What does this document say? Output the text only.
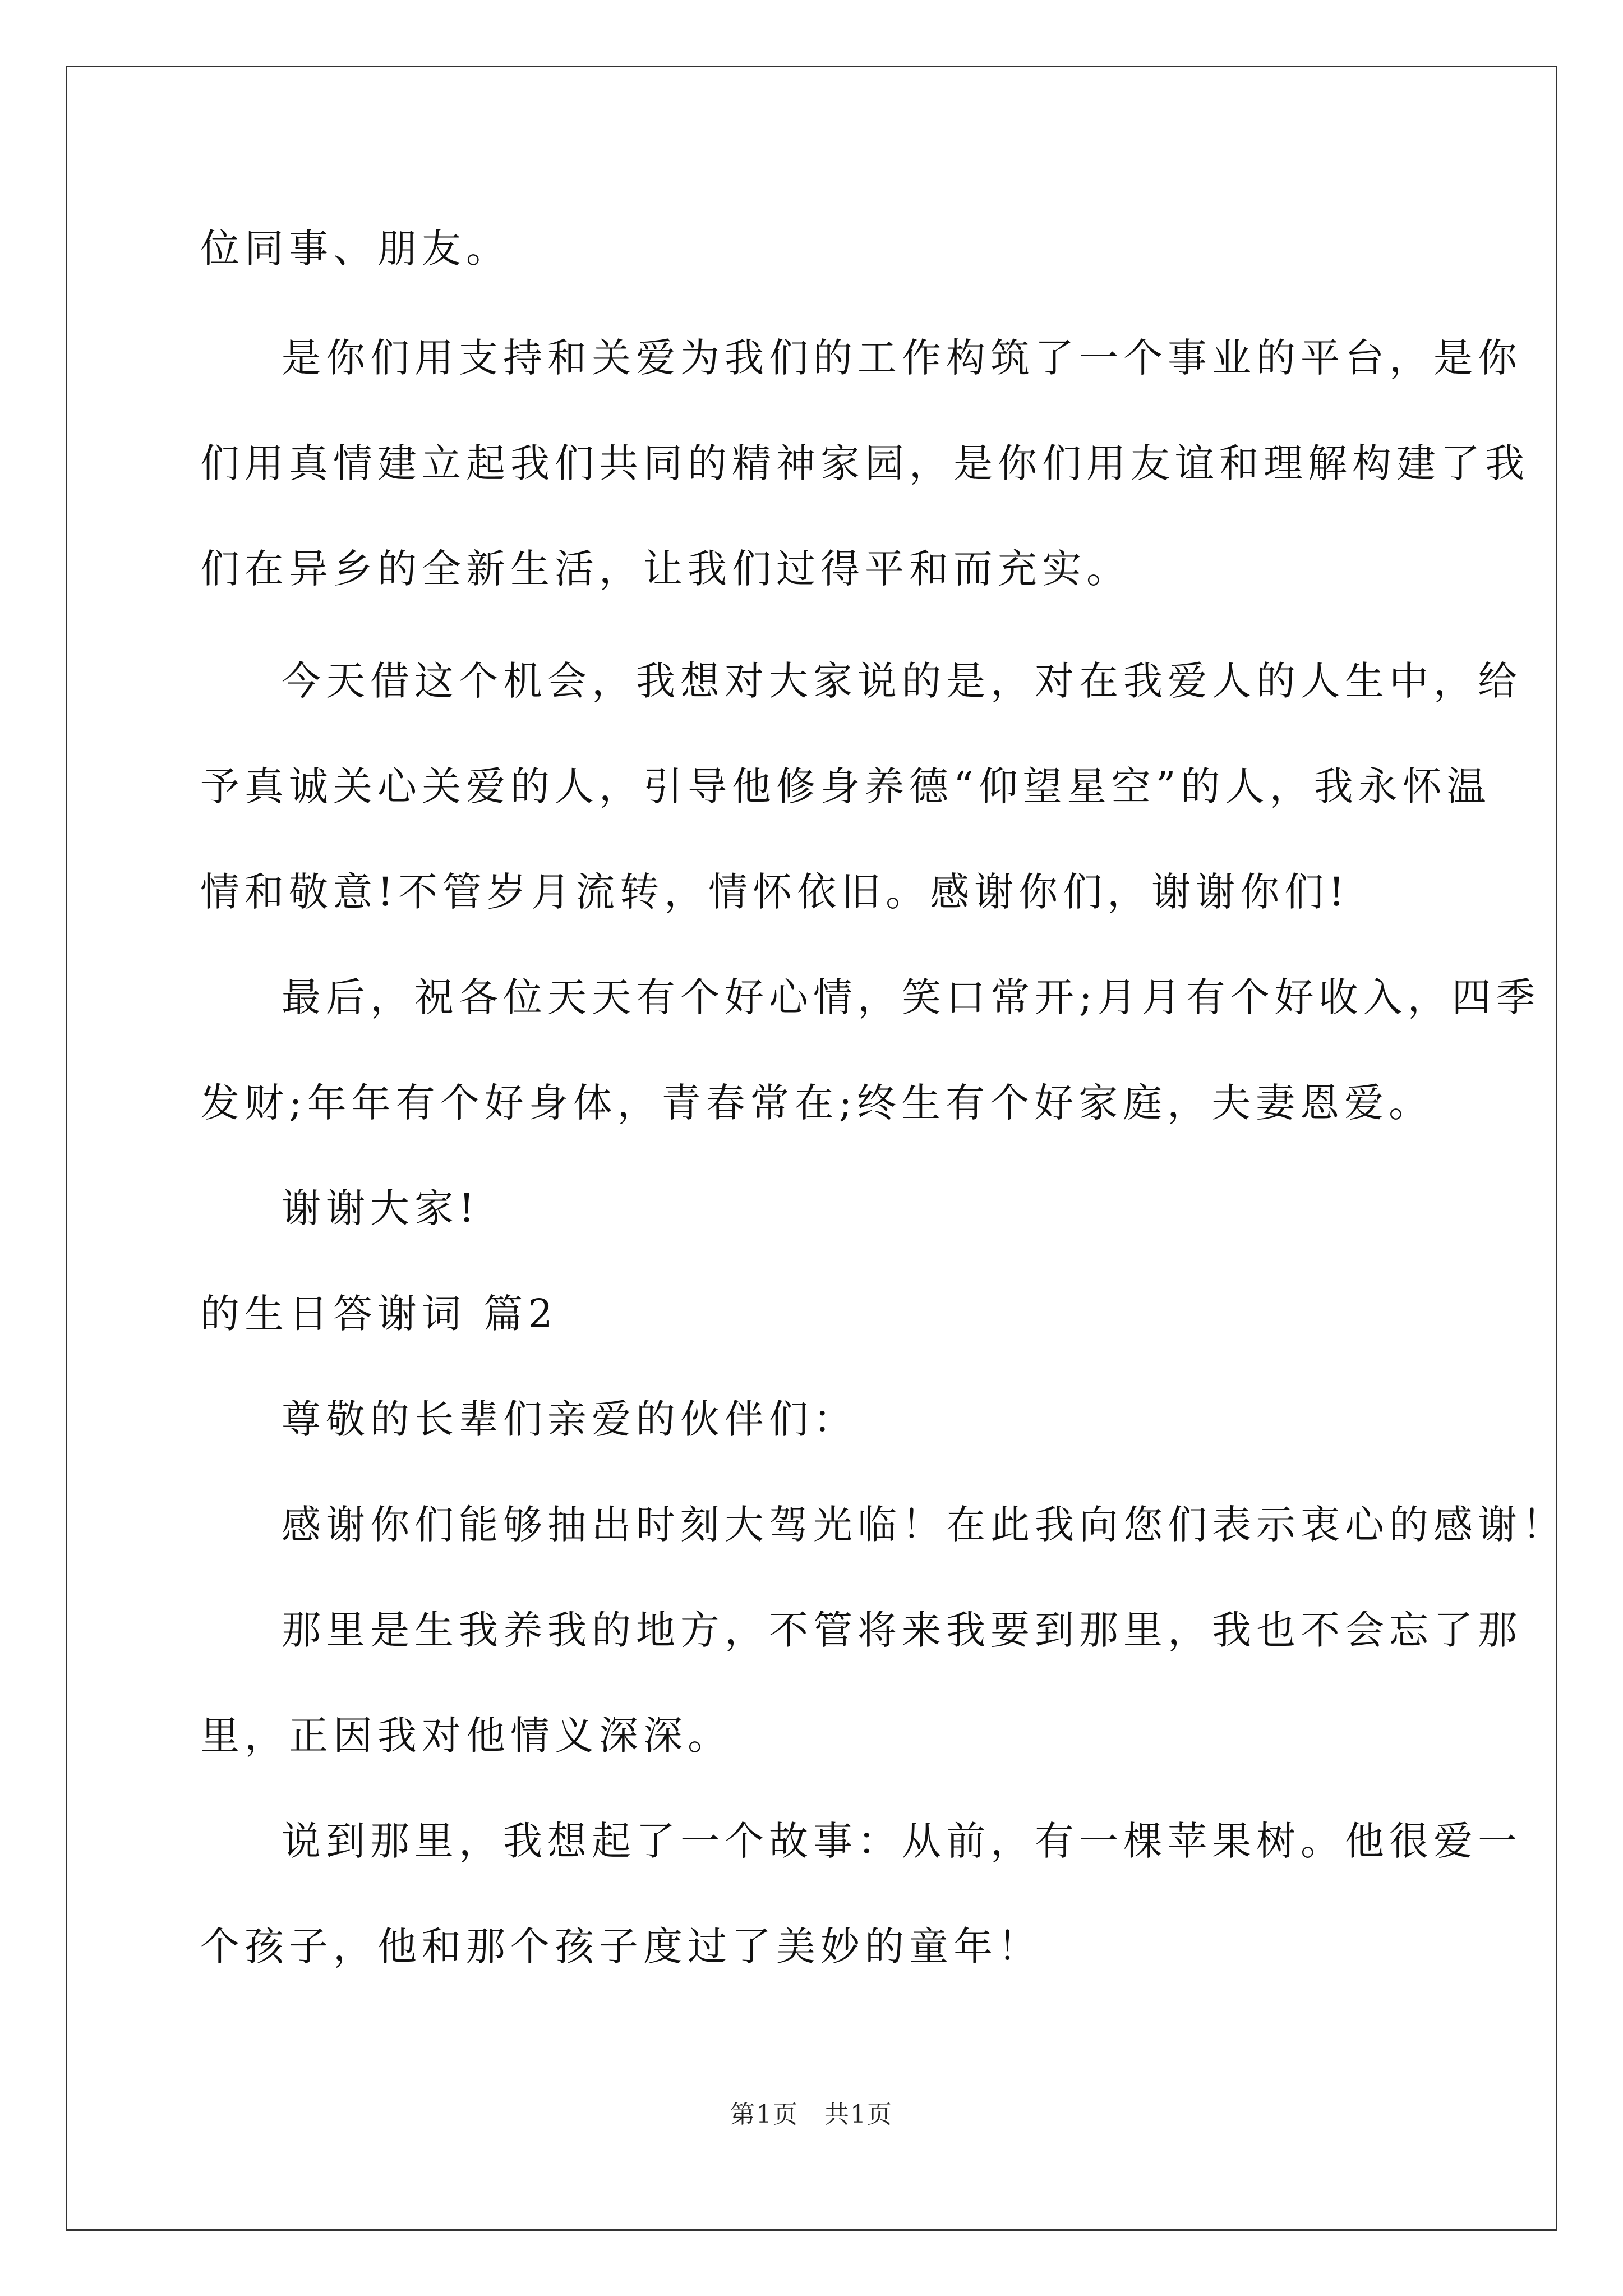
位同事、朋友。
是你们用支持和关爱为我们的工作构筑了一个事业的平台，是你
们用真情建立起我们共同的精神家园，是你们用友谊和理解构建了我
们在异乡的全新生活，让我们过得平和而充实。
今天借这个机会，我想对大家说的是，对在我爱人的人生中，给
予真诚关心关爱的人，引导他修身养德“仰望星空”的人，我永怀温
情和敬意!不管岁月流转，情怀依旧。感谢你们，谢谢你们!
最后，祝各位天天有个好心情，笑口常开;月月有个好收入，四季
发财;年年有个好身体，青春常在;终生有个好家庭，夫妻恩爱。
谢谢大家!
的生日答谢词 篇2
尊敬的长辈们亲爱的伙伴们：
感谢你们能够抽出时刻大驾光临！在此我向您们表示衷心的感谢！
那里是生我养我的地方，不管将来我要到那里，我也不会忘了那
里，正因我对他情义深深。
说到那里，我想起了一个故事：从前，有一棵苹果树。他很爱一
个孩子，他和那个孩子度过了美妙的童年！
第1页 共1页
